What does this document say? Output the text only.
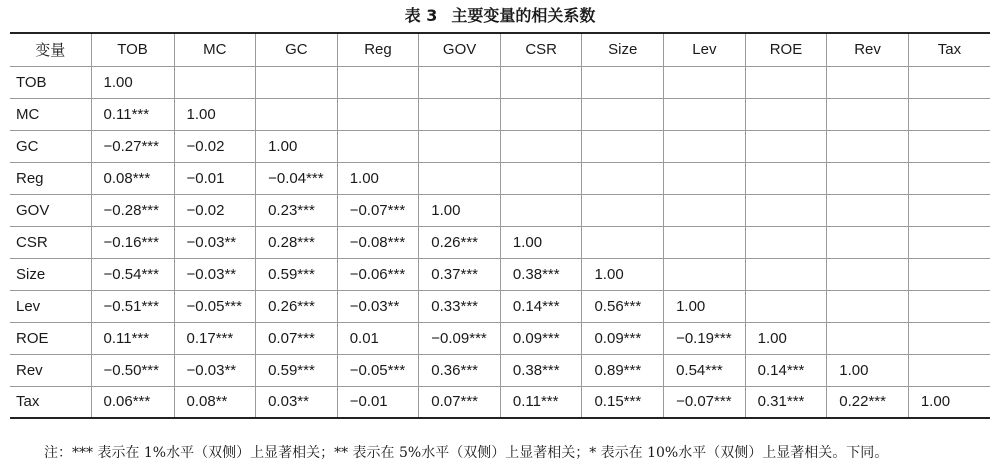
表 3 主要变量的相关系数
变量	TOB	MC	GC	Reg	GOV	CSR	Size	Lev	ROE	Rev	Tax
TOB	1.00										
MC	0.11***	1.00									
GC	−0.27***	−0.02	1.00								
Reg	0.08***	−0.01	−0.04***	1.00							
GOV	−0.28***	−0.02	0.23***	−0.07***	1.00						
CSR	−0.16***	−0.03**	0.28***	−0.08***	0.26***	1.00					
Size	−0.54***	−0.03**	0.59***	−0.06***	0.37***	0.38***	1.00				
Lev	−0.51***	−0.05***	0.26***	−0.03**	0.33***	0.14***	0.56***	1.00			
ROE	0.11***	0.17***	0.07***	0.01	−0.09***	0.09***	0.09***	−0.19***	1.00		
Rev	−0.50***	−0.03**	0.59***	−0.05***	0.36***	0.38***	0.89***	0.54***	0.14***	1.00	
Tax	0.06***	0.08**	0.03**	−0.01	0.07***	0.11***	0.15***	−0.07***	0.31***	0.22***	1.00
注：*** 表示在 1%水平（双侧）上显著相关；** 表示在 5%水平（双侧）上显著相关；* 表示在 10%水平（双侧）上显著相关。下同。
